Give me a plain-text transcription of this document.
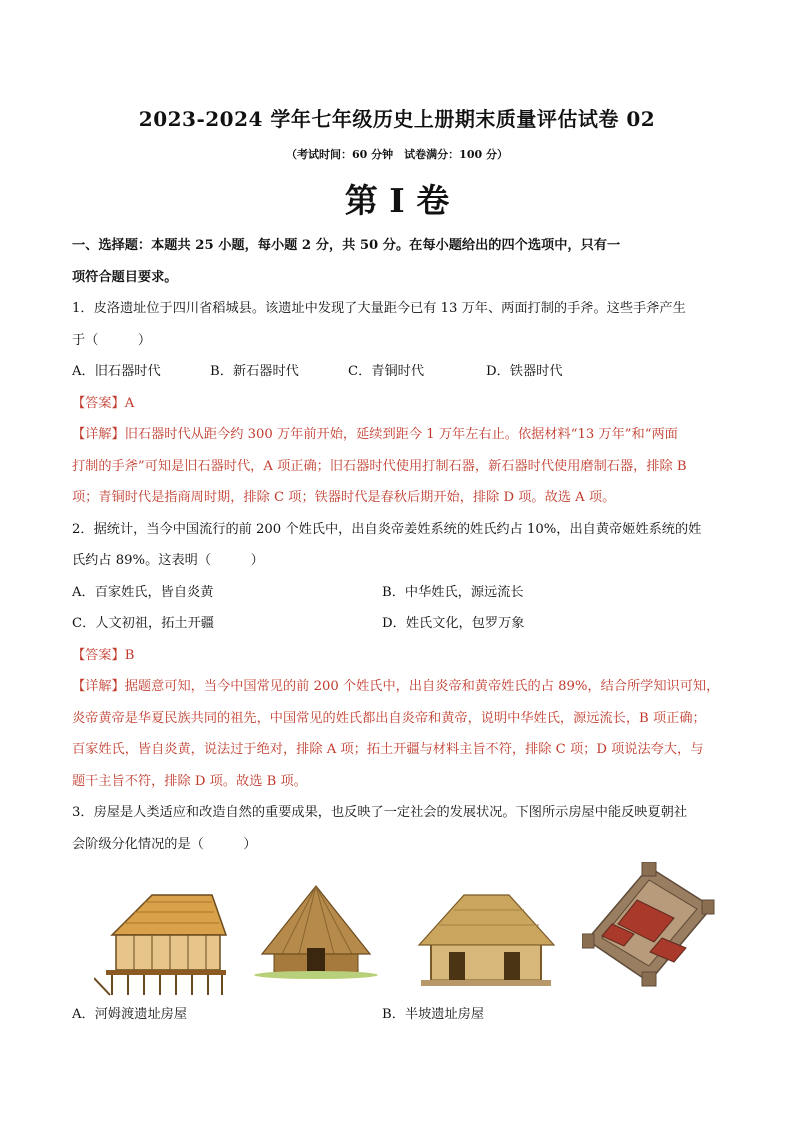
2023-2024 学年七年级历史上册期末质量评估试卷 02
（考试时间：60 分钟　试卷满分：100 分）
第 I 卷

一、选择题：本题共 25 小题，每小题 2 分，共 50 分。在每小题给出的四个选项中，只有一

项符合题目要求。

1．皮洛遗址位于四川省稻城县。该遗址中发现了大量距今已有 13 万年、两面打制的手斧。这些手斧产生

于（　　　）

A．旧石器时代	B．新石器时代	C．青铜时代	D．铁器时代

【答案】A

【详解】旧石器时代从距今约 300 万年前开始，延续到距今 1 万年左右止。依据材料“13 万年”和“两面

打制的手斧”可知是旧石器时代，A 项正确；旧石器时代使用打制石器，新石器时代使用磨制石器，排除 B

项；青铜时代是指商周时期，排除 C 项；铁器时代是春秋后期开始，排除 D 项。故选 A 项。

2．据统计，当今中国流行的前 200 个姓氏中，出自炎帝姜姓系统的姓氏约占 10%，出自黄帝姬姓系统的姓

氏约占 89%。这表明（　　　）

A．百家姓氏，皆自炎黄	B．中华姓氏，源远流长

C．人文初祖，拓土开疆	D．姓氏文化，包罗万象

【答案】B

【详解】据题意可知，当今中国常见的前 200 个姓氏中，出自炎帝和黄帝姓氏的占 89%，结合所学知识可知，

炎帝黄帝是华夏民族共同的祖先，中国常见的姓氏都出自炎帝和黄帝，说明中华姓氏，源远流长，B 项正确；

百家姓氏，皆自炎黄，说法过于绝对，排除 A 项；拓土开疆与材料主旨不符，排除 C 项；D 项说法夸大，与

题干主旨不符，排除 D 项。故选 B 项。

3．房屋是人类适应和改造自然的重要成果，也反映了一定社会的发展状况。下图所示房屋中能反映夏朝社

会阶级分化情况的是（　　　）

A．河姆渡遗址房屋	B．半坡遗址房屋
